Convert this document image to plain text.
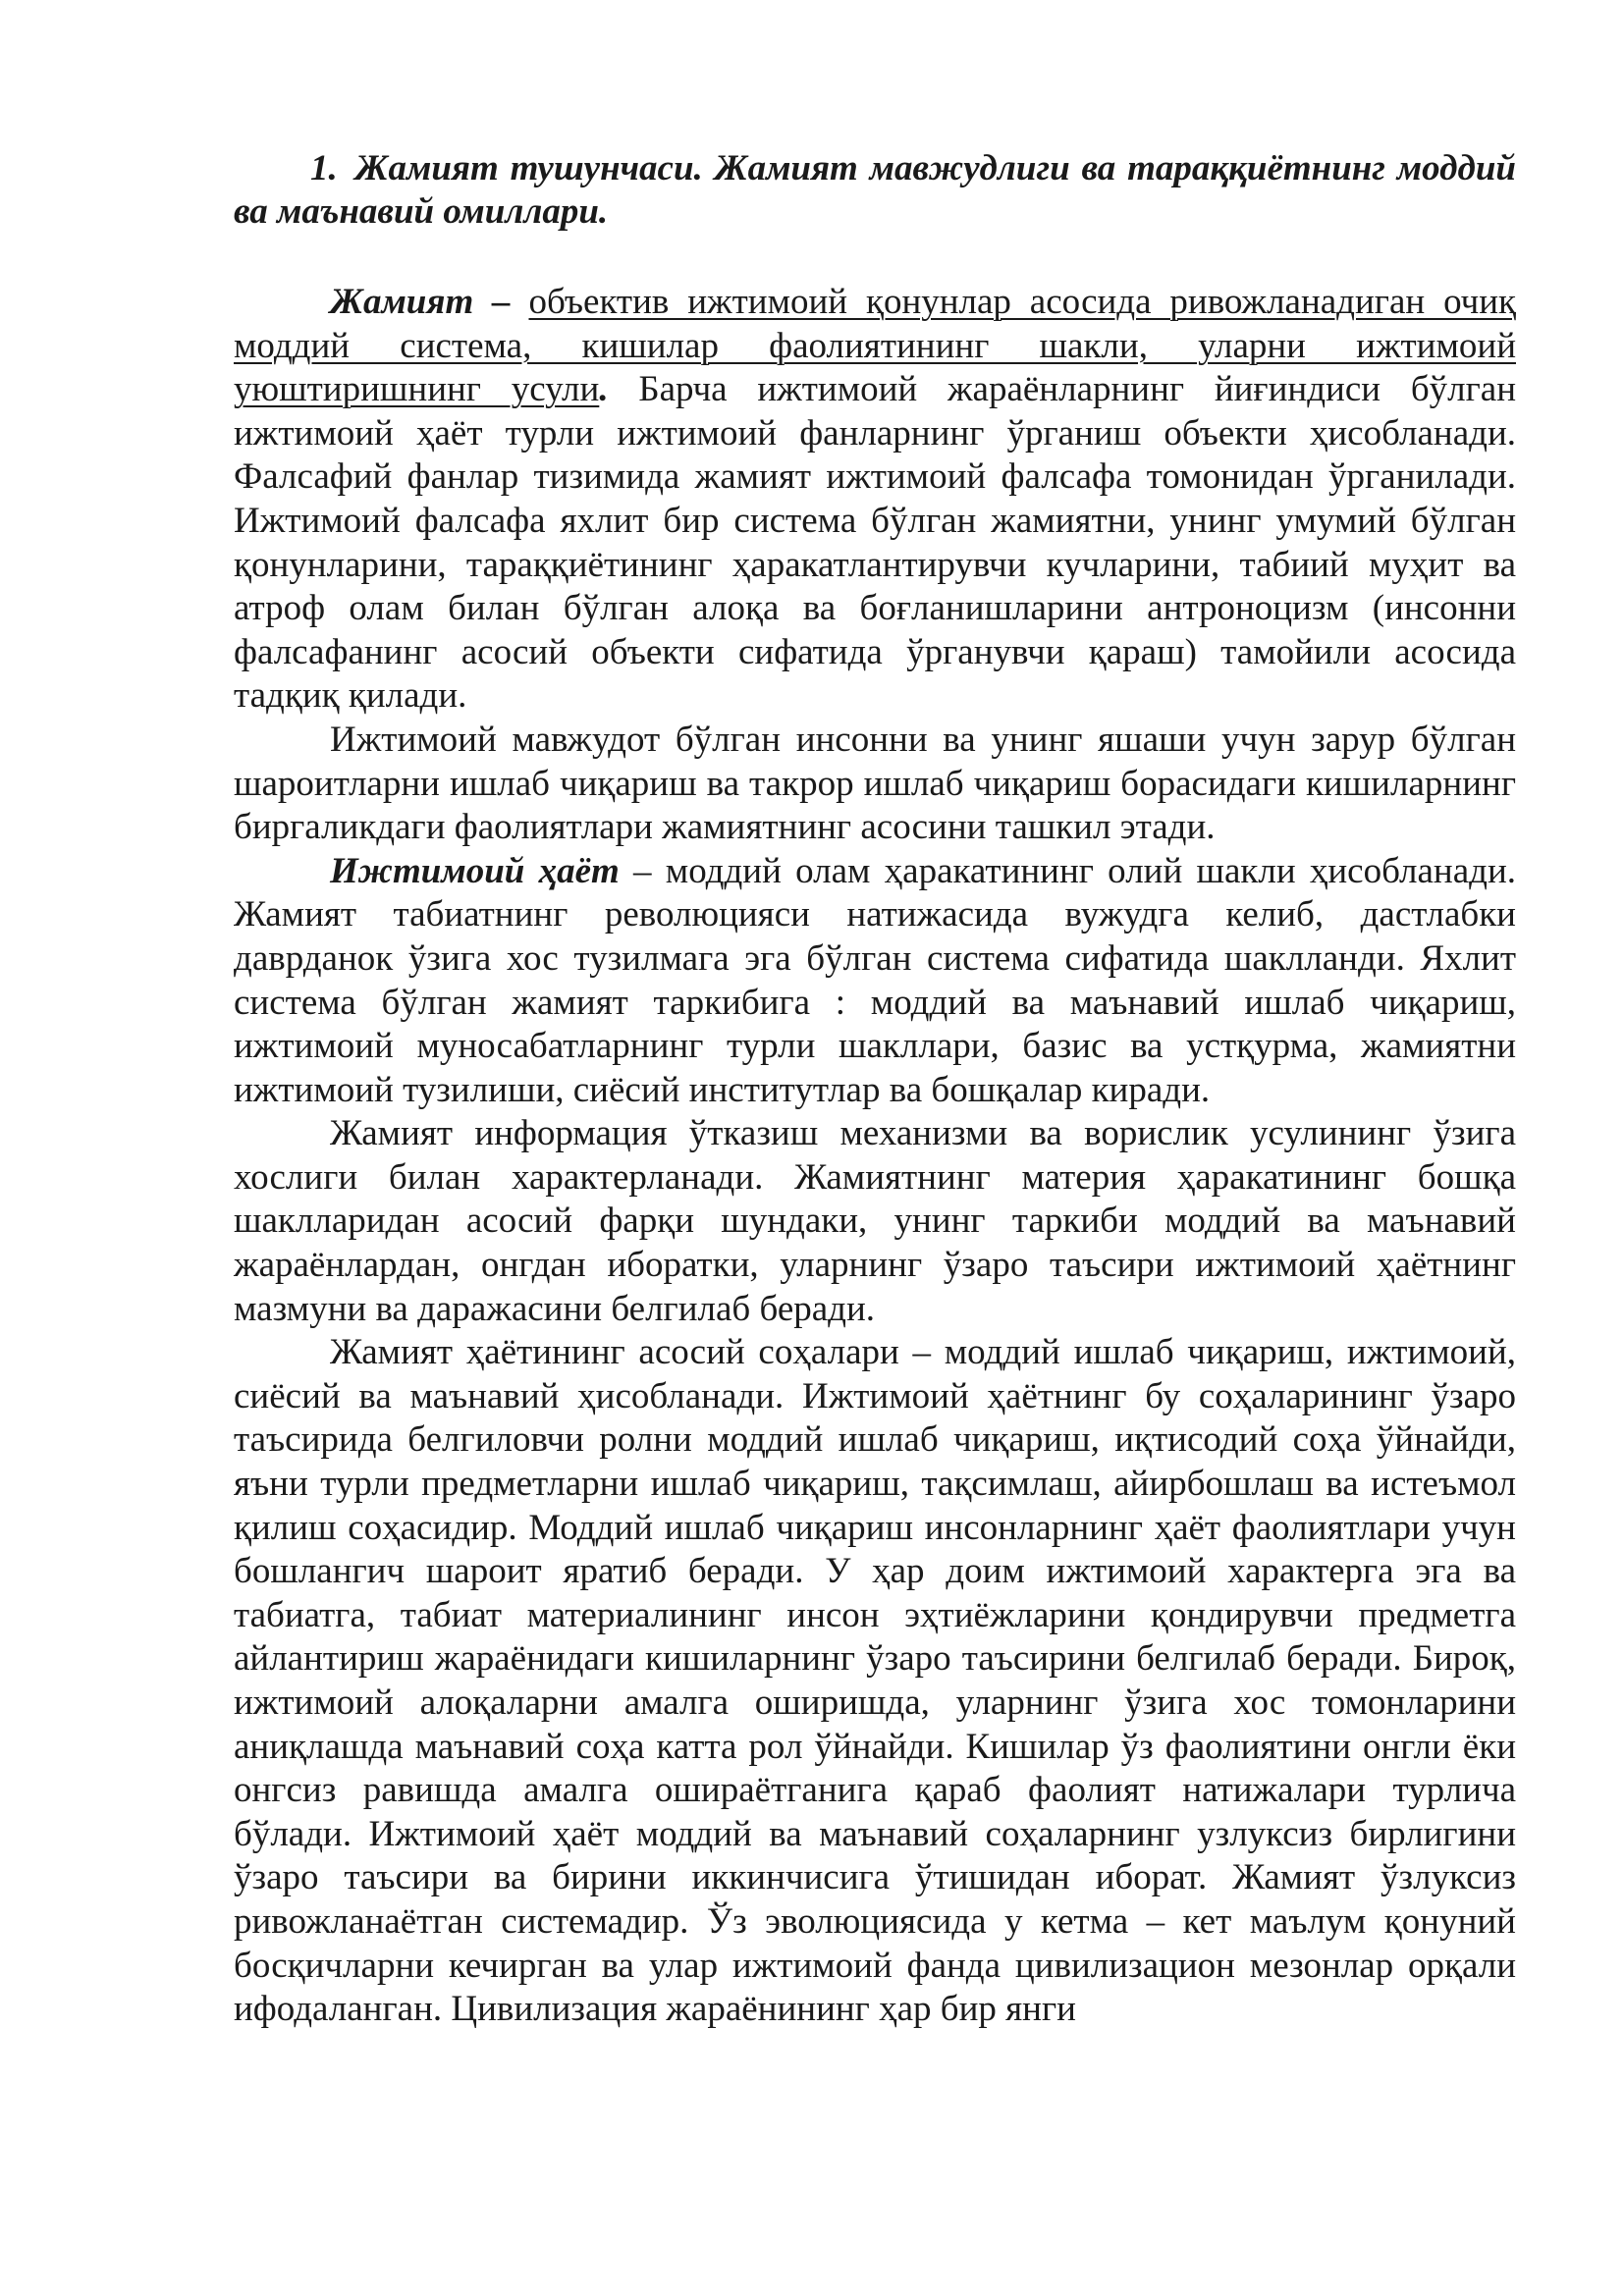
1. Жамият тушунчаси. Жамият мавжудлиги ва тараққиётнинг моддий ва маънавий омиллари.

Жамият – объектив ижтимоий қонунлар асосида ривожланадиган очиқ моддий система, кишилар фаолиятининг шакли, уларни ижтимоий уюштиришнинг усули. Барча ижтимоий жараёнларнинг йиғиндиси бўлган ижтимоий ҳаёт турли ижтимоий фанларнинг ўрганиш объекти ҳисобланади. Фалсафий фанлар тизимида жамият ижтимоий фалсафа томонидан ўрганилади. Ижтимоий фалсафа яхлит бир система бўлган жамиятни, унинг умумий бўлган қонунларини, тараққиётининг ҳаракатлантирувчи кучларини, табиий муҳит ва атроф олам билан бўлган алоқа ва боғланишларини антроноцизм (инсонни фалсафанинг асосий объекти сифатида ўрганувчи қараш) тамойили асосида тадқиқ қилади.

Ижтимоий мавжудот бўлган инсонни ва унинг яшаши учун зарур бўлган шароитларни ишлаб чиқариш ва такрор ишлаб чиқариш борасидаги кишиларнинг биргаликдаги фаолиятлари жамиятнинг асосини ташкил этади.

Ижтимоий ҳаёт – моддий олам ҳаракатининг олий шакли ҳисобланади. Жамият табиатнинг революцияси натижасида вужудга келиб, дастлабки даврданок ўзига хос тузилмага эга бўлган система сифатида шаклланди. Яхлит система бўлган жамият таркибига : моддий ва маънавий ишлаб чиқариш, ижтимоий муносабатларнинг турли шакллари, базис ва устқурма, жамиятни ижтимоий тузилиши, сиёсий институтлар ва бошқалар киради.

Жамият информация ўтказиш механизми ва ворислик усулининг ўзига хослиги билан характерланади. Жамиятнинг материя ҳаракатининг бошқа шаклларидан асосий фарқи шундаки, унинг таркиби моддий ва маънавий жараёнлардан, онгдан иборатки, уларнинг ўзаро таъсири ижтимоий ҳаётнинг мазмуни ва даражасини белгилаб беради.

Жамият ҳаётининг асосий соҳалари – моддий ишлаб чиқариш, ижтимоий, сиёсий ва маънавий ҳисобланади. Ижтимоий ҳаётнинг бу соҳаларининг ўзаро таъсирида белгиловчи ролни моддий ишлаб чиқариш, иқтисодий соҳа ўйнайди, яъни турли предметларни ишлаб чиқариш, тақсимлаш, айирбошлаш ва истеъмол қилиш соҳасидир. Моддий ишлаб чиқариш инсонларнинг ҳаёт фаолиятлари учун бошлангич шароит яратиб беради. У ҳар доим ижтимоий характерга эга ва табиатга, табиат материалининг инсон эҳтиёжларини қондирувчи предметга айлантириш жараёнидаги кишиларнинг ўзаро таъсирини белгилаб беради. Бироқ, ижтимоий алоқаларни амалга оширишда, уларнинг ўзига хос томонларини аниқлашда маънавий соҳа катта рол ўйнайди. Кишилар ўз фаолиятини онгли ёки онгсиз равишда амалга ошираётганига қараб фаолият натижалари турлича бўлади. Ижтимоий ҳаёт моддий ва маънавий соҳаларнинг узлуксиз бирлигини ўзаро таъсири ва бирини иккинчисига ўтишидан иборат. Жамият ўзлуксиз ривожланаётган системадир. Ўз эволюциясида у кетма – кет маълум қонуний босқичларни кечирган ва улар ижтимоий фанда цивилизацион мезонлар орқали ифодаланган. Цивилизация жараёнининг ҳар бир янги
